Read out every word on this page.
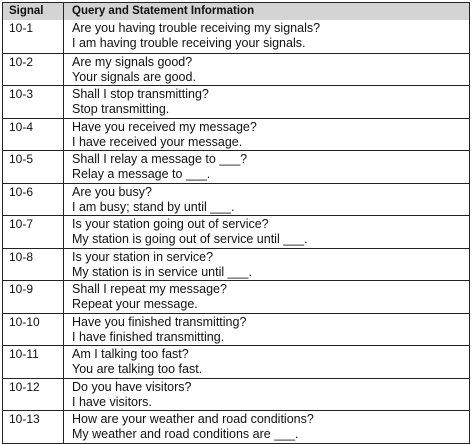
Signal	Query and Statement Information
10-1	Are you having trouble receiving my signals?
I am having trouble receiving your signals.
10-2	Are my signals good?
Your signals are good.
10-3	Shall I stop transmitting?
Stop transmitting.
10-4	Have you received my message?
I have received your message.
10-5	Shall I relay a message to ___?
Relay a message to ___.
10-6	Are you busy?
I am busy; stand by until ___.
10-7	Is your station going out of service?
My station is going out of service until ___.
10-8	Is your station in service?
My station is in service until ___.
10-9	Shall I repeat my message?
Repeat your message.
10-10	Have you finished transmitting?
I have finished transmitting.
10-11	Am I talking too fast?
You are talking too fast.
10-12	Do you have visitors?
I have visitors.
10-13	How are your weather and road conditions?
My weather and road conditions are ___.
